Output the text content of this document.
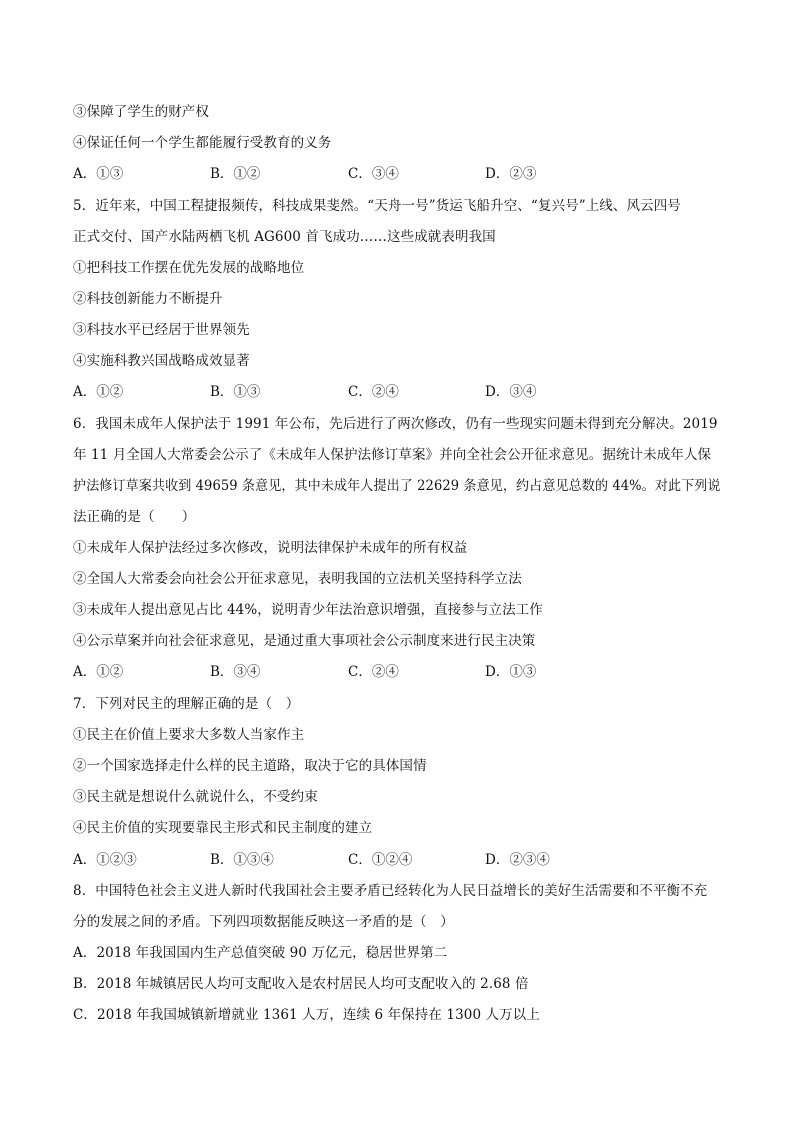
③保障了学生的财产权
④保证任何一个学生都能履行受教育的义务
A．①③	B．①②	C．③④	D．②③
5．近年来，中国工程捷报频传，科技成果斐然。“天舟一号”货运飞船升空、“复兴号”上线、风云四号
正式交付、国产水陆两栖飞机 AG600 首飞成功……这些成就表明我国
①把科技工作摆在优先发展的战略地位
②科技创新能力不断提升
③科技水平已经居于世界领先
④实施科教兴国战略成效显著
A．①②	B．①③	C．②④	D．③④
6．我国未成年人保护法于 1991 年公布，先后进行了两次修改，仍有一些现实问题未得到充分解决。2019
年 11 月全国人大常委会公示了《未成年人保护法修订草案》并向全社会公开征求意见。据统计未成年人保
护法修订草案共收到 49659 条意见，其中未成年人提出了 22629 条意见，约占意见总数的 44%。对此下列说
法正确的是（　　）
①未成年人保护法经过多次修改，说明法律保护未成年的所有权益
②全国人大常委会向社会公开征求意见，表明我国的立法机关坚持科学立法
③未成年人提出意见占比 44%，说明青少年法治意识增强，直接参与立法工作
④公示草案并向社会征求意见，是通过重大事项社会公示制度来进行民主决策
A．①②	B．③④	C．②④	D．①③
7．下列对民主的理解正确的是（　）
①民主在价值上要求大多数人当家作主
②一个国家选择走什么样的民主道路，取决于它的具体国情
③民主就是想说什么就说什么，不受约束
④民主价值的实现要靠民主形式和民主制度的建立
A．①②③	B．①③④	C．①②④	D．②③④
8．中国特色社会主义进人新时代我国社会主要矛盾已经转化为人民日益增长的美好生活需要和不平衡不充
分的发展之间的矛盾。下列四项数据能反映这一矛盾的是（　）
A．2018 年我国国内生产总值突破 90 万亿元，稳居世界第二
B．2018 年城镇居民人均可支配收入是农村居民人均可支配收入的 2.68 倍
C．2018 年我国城镇新增就业 1361 人万，连续 6 年保持在 1300 人万以上
